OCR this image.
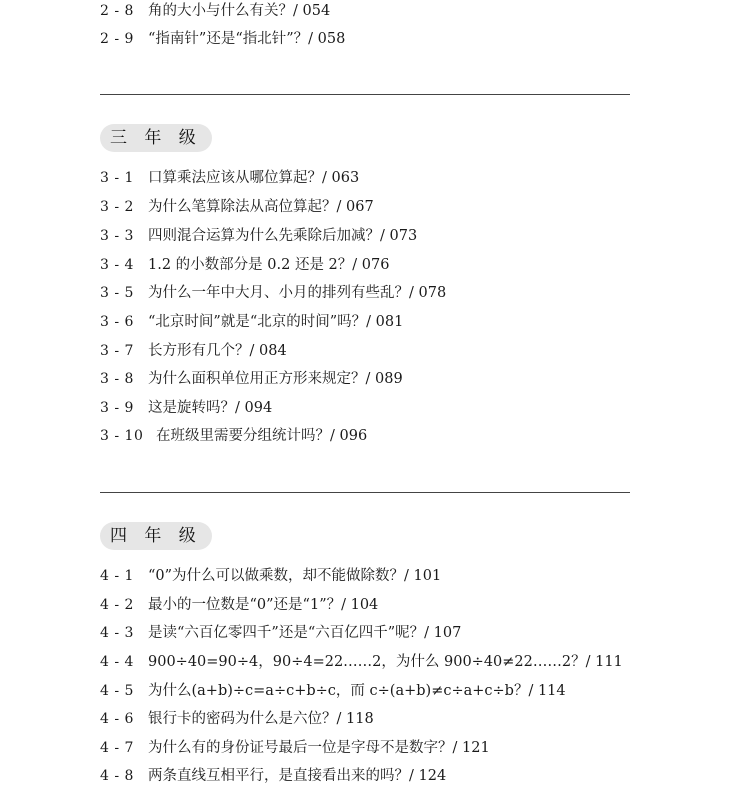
2 - 8 角的大小与什么有关？/ 054
2 - 9 “指南针”还是“指北针”？/ 058
三 年 级
3 - 1 口算乘法应该从哪位算起？/ 063
3 - 2 为什么笔算除法从高位算起？/ 067
3 - 3 四则混合运算为什么先乘除后加减？/ 073
3 - 4 1.2 的小数部分是 0.2 还是 2？/ 076
3 - 5 为什么一年中大月、小月的排列有些乱？/ 078
3 - 6 “北京时间”就是“北京的时间”吗？/ 081
3 - 7 长方形有几个？/ 084
3 - 8 为什么面积单位用正方形来规定？/ 089
3 - 9 这是旋转吗？/ 094
3 - 10 在班级里需要分组统计吗？/ 096
四 年 级
4 - 1 “0”为什么可以做乘数，却不能做除数？/ 101
4 - 2 最小的一位数是“0”还是“1”？/ 104
4 - 3 是读“六百亿零四千”还是“六百亿四千”呢？/ 107
4 - 4 900÷40=90÷4，90÷4=22……2，为什么 900÷40≠22……2？/ 111
4 - 5 为什么(a+b)÷c=a÷c+b÷c，而 c÷(a+b)≠c÷a+c÷b？/ 114
4 - 6 银行卡的密码为什么是六位？/ 118
4 - 7 为什么有的身份证号最后一位是字母不是数字？/ 121
4 - 8 两条直线互相平行，是直接看出来的吗？/ 124
